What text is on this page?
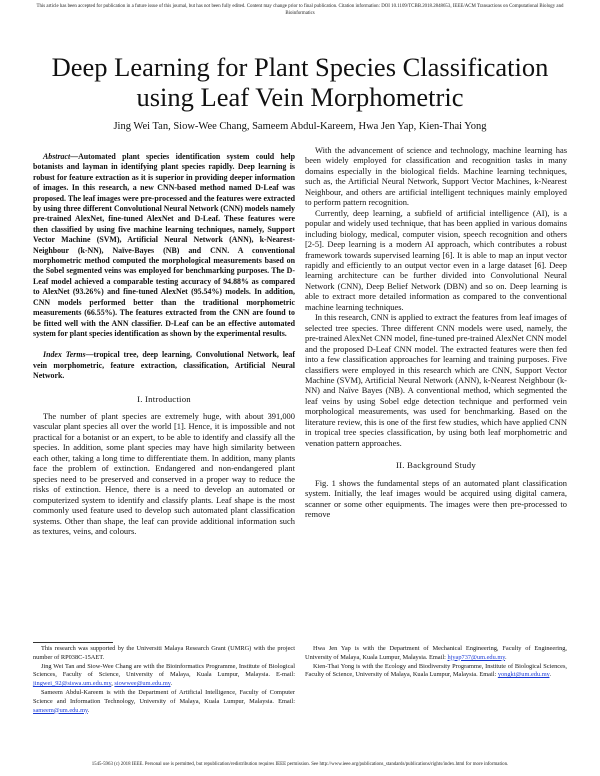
This article has been accepted for publication in a future issue of this journal, but has not been fully edited. Content may change prior to final publication. Citation information: DOI 10.1109/TCBB.2018.2848653, IEEE/ACM Transactions on Computational Biology and Bioinformatics
Deep Learning for Plant Species Classification
using Leaf Vein Morphometric
Jing Wei Tan, Siow-Wee Chang, Sameem Abdul-Kareem, Hwa Jen Yap, Kien-Thai Yong

Abstract—Automated plant species identification system could help botanists and layman in identifying plant species rapidly. Deep learning is robust for feature extraction as it is superior in providing deeper information of images. In this research, a new CNN-based method named D-Leaf was proposed. The leaf images were pre-processed and the features were extracted by using three different Convolutional Neural Network (CNN) models namely pre-trained AlexNet, fine-tuned AlexNet and D-Leaf. These features were then classified by using five machine learning techniques, namely, Support Vector Machine (SVM), Artificial Neural Network (ANN), k-Nearest-Neighbour (k-NN), Naïve-Bayes (NB) and CNN. A conventional morphometric method computed the morphological measurements based on the Sobel segmented veins was employed for benchmarking purposes. The D-Leaf model achieved a comparable testing accuracy of 94.88% as compared to AlexNet (93.26%) and fine-tuned AlexNet (95.54%) models. In addition, CNN models performed better than the traditional morphometric measurements (66.55%). The features extracted from the CNN are found to be fitted well with the ANN classifier. D-Leaf can be an effective automated system for plant species identification as shown by the experimental results.

Index Terms—tropical tree, deep learning, Convolutional Network, leaf vein morphometric, feature extraction, classification, Artificial Neural Network.

I. Introduction

The number of plant species are extremely huge, with about 391,000 vascular plant species all over the world [1]. Hence, it is impossible and not practical for a botanist or an expert, to be able to identify and classify all the species. In addition, some plant species may have high similarity between each other, taking a long time to differentiate them. In addition, many plants face the problem of extinction. Endangered and non-endangered plant species need to be preserved and conserved in a proper way to reduce the risks of extinction. Hence, there is a need to develop an automated or computerized system to identify and classify plants. Leaf shape is the most commonly used feature used to develop such automated plant classification systems. Other than shape, the leaf can provide additional information such as textures, veins, and colours.

With the advancement of science and technology, machine learning has been widely employed for classification and recognition tasks in many domains especially in the biological fields. Machine learning techniques, such as, the Artificial Neural Network, Support Vector Machines, k-Nearest Neighbour, and others are artificial intelligent techniques mainly employed to perform pattern recognition.

Currently, deep learning, a subfield of artificial intelligence (AI), is a popular and widely used technique, that has been applied in various domains including biology, medical, computer vision, speech recognition and others [2-5]. Deep learning is a modern AI approach, which contributes a robust framework towards supervised learning [6]. It is able to map an input vector rapidly and efficiently to an output vector even in a large dataset [6]. Deep learning architecture can be further divided into Convolutional Neural Network (CNN), Deep Belief Network (DBN) and so on. Deep learning is able to extract more detailed information as compared to the conventional machine learning techniques.

In this research, CNN is applied to extract the features from leaf images of selected tree species. Three different CNN models were used, namely, the pre-trained AlexNet CNN model, fine-tuned pre-trained AlexNet CNN model and the proposed D-Leaf CNN model. The extracted features were then fed into a few classification approaches for learning and training purposes. Five classifiers were employed in this research which are CNN, Support Vector Machine (SVM), Artificial Neural Network (ANN), k-Nearest Neighbour (k-NN) and Naïve Bayes (NB). A conventional method, which segmented the leaf veins by using Sobel edge detection technique and performed vein morphological measurements, was used for benchmarking. Based on the literature review, this is one of the first few studies, which have applied CNN in tropical tree species classification, by using both leaf morphometric and venation pattern approaches.

II. Background Study

Fig. 1 shows the fundamental steps of an automated plant classification system. Initially, the leaf images would be acquired using digital camera, scanner or some other equipments. The images were then pre-processed to remove

This research was supported by the Universiti Malaya Research Grant (UMRG) with the project number of RP038C-15AET.

Jing Wei Tan and Siow-Wee Chang are with the Bioinformatics Programme, Institute of Biological Sciences, Faculty of Science, University of Malaya, Kuala Lumpur, Malaysia. E-mail: jingwei_92@siswa.um.edu.my, siowwee@um.edu.my.

Sameem Abdul-Kareem is with the Department of Artificial Intelligence, Faculty of Computer Science and Information Technology, University of Malaya, Kuala Lumpur, Malaysia. Email: sameem@um.edu.my.

Hwa Jen Yap is with the Department of Mechanical Engineering, Faculty of Engineering, University of Malaya, Kuala Lumpur, Malaysia. Email: hjyap737@um.edu.my.

Kien-Thai Yong is with the Ecology and Biodiversity Programme, Institute of Biological Sciences, Faculty of Science, University of Malaya, Kuala Lumpur, Malaysia. Email: yongkt@um.edu.my.

1545-5963 (c) 2018 IEEE. Personal use is permitted, but republication/redistribution requires IEEE permission. See http://www.ieee.org/publications_standards/publications/rights/index.html for more information.
